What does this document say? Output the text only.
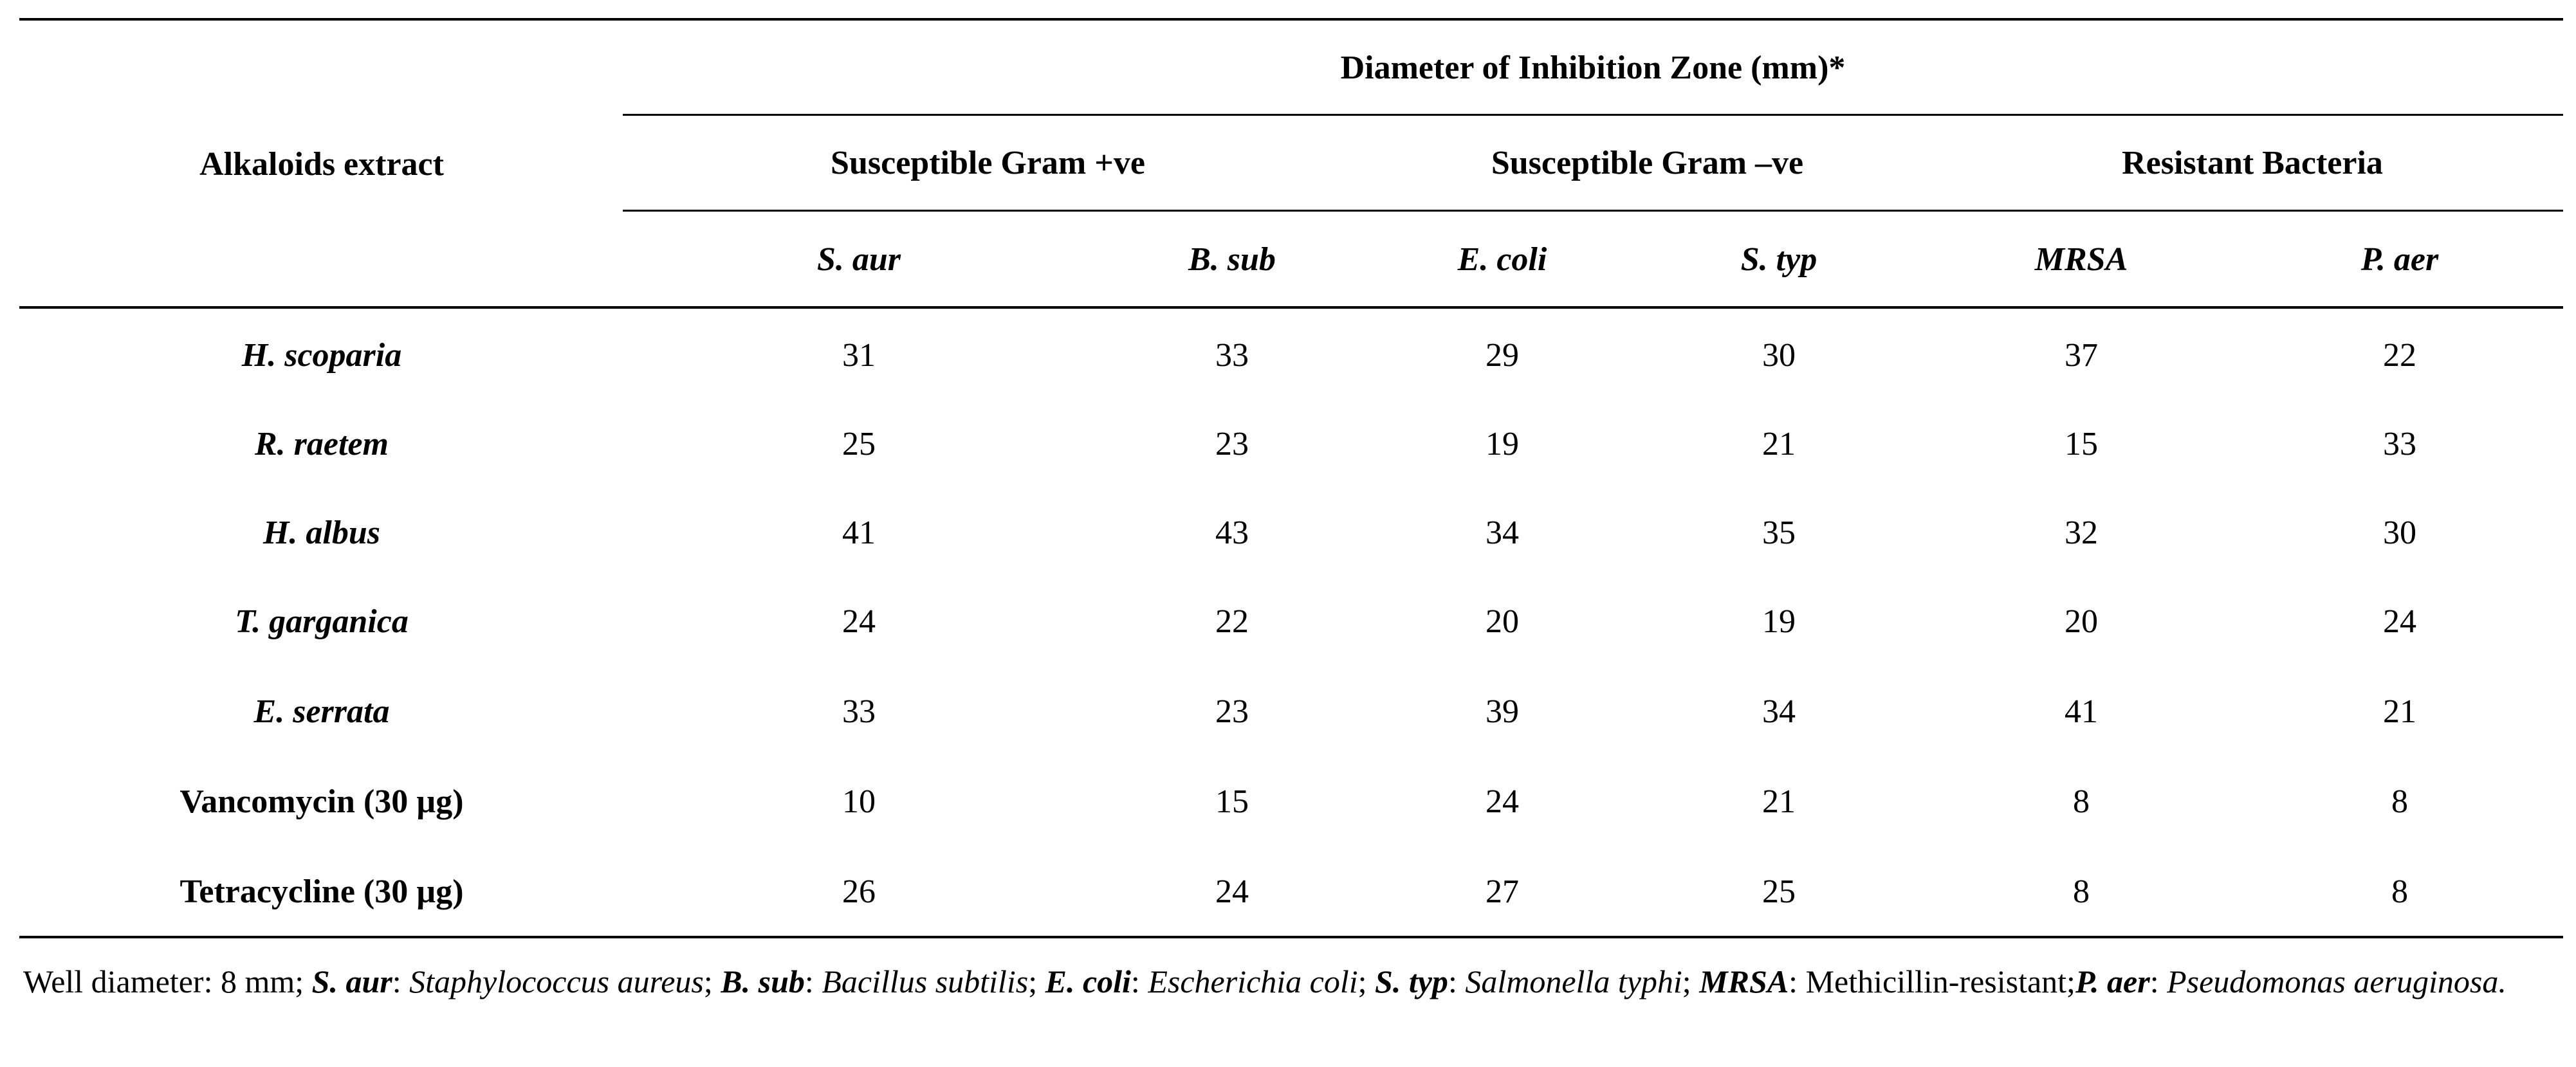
Alkaloids extract
Diameter of Inhibition Zone (mm)*
Susceptible Gram +ve	Susceptible Gram –ve	Resistant Bacteria
S. aur	B. sub	E. coli	S. typ	MRSA	P. aer
H. scoparia	31	33	29	30	37	22
R. raetem	25	23	19	21	15	33
H. albus	41	43	34	35	32	30
T. garganica	24	22	20	19	20	24
E. serrata	33	23	39	34	41	21
Vancomycin (30 µg)	10	15	24	21	8	8
Tetracycline (30 µg)	26	24	27	25	8	8
Well diameter: 8 mm; S. aur: Staphylococcus aureus; B. sub: Bacillus subtilis; E. coli: Escherichia coli; S. typ: Salmonella typhi; MRSA: Methicillin-resistant;P. aer: Pseudomonas aeruginosa.
